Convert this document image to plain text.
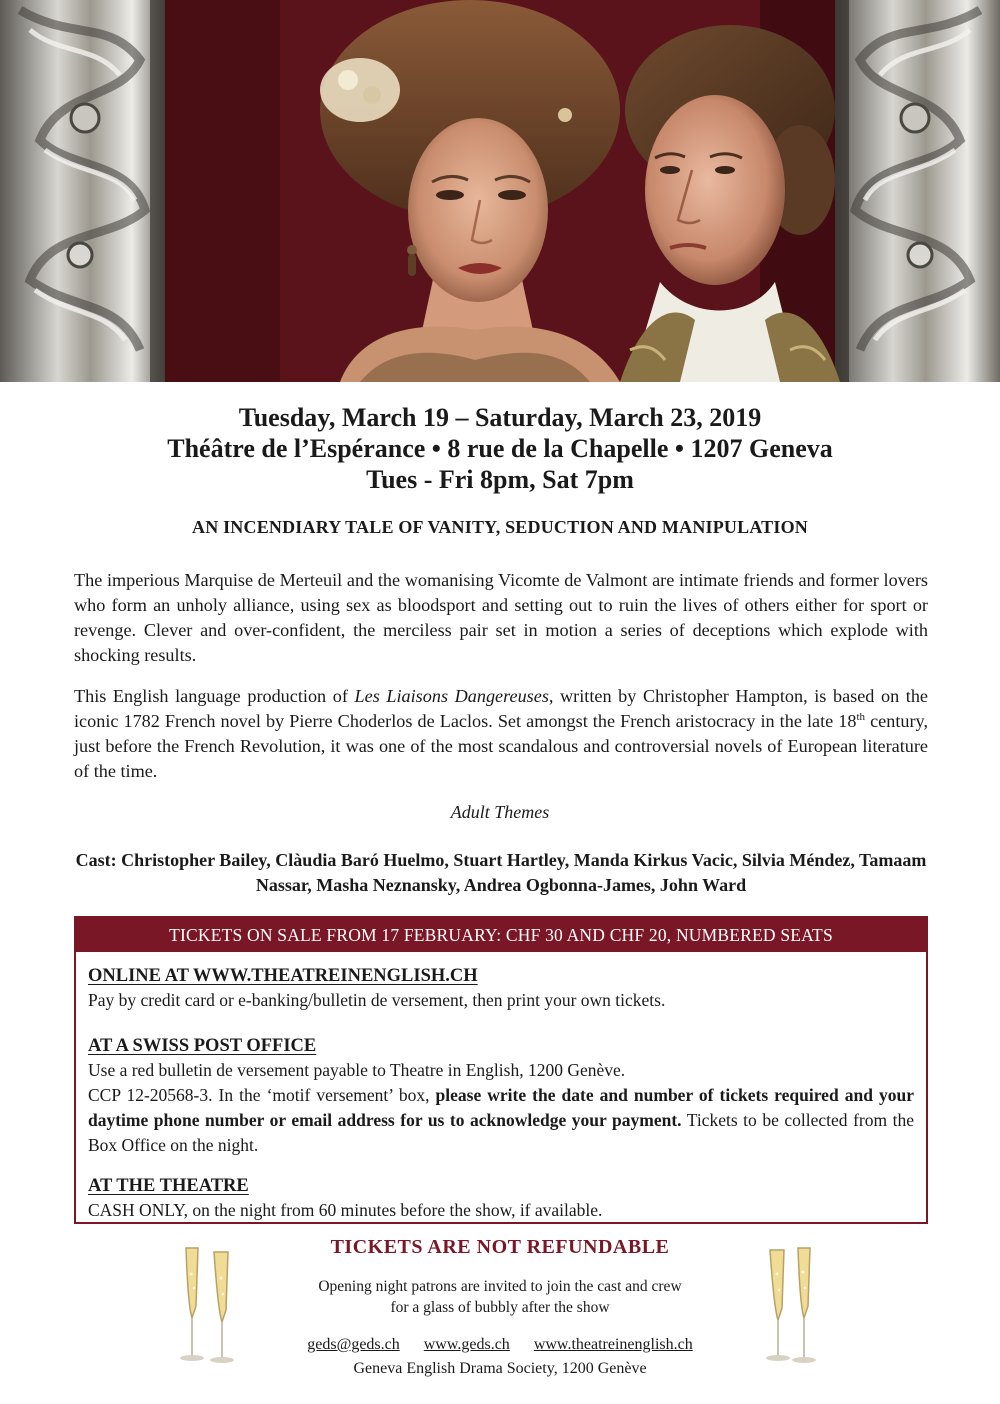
Tuesday, March 19 – Saturday, March 23, 2019
Théâtre de l’Espérance • 8 rue de la Chapelle • 1207 Geneva
Tues - Fri 8pm, Sat 7pm
AN INCENDIARY TALE OF VANITY, SEDUCTION AND MANIPULATION
The imperious Marquise de Merteuil and the womanising Vicomte de Valmont are intimate friends and former lovers who form an unholy alliance, using sex as bloodsport and setting out to ruin the lives of others either for sport or revenge. Clever and over-confident, the merciless pair set in motion a series of deceptions which explode with shocking results.
This English language production of Les Liaisons Dangereuses, written by Christopher Hampton, is based on the iconic 1782 French novel by Pierre Choderlos de Laclos. Set amongst the French aristocracy in the late 18th century, just before the French Revolution, it was one of the most scandalous and controversial novels of European literature of the time.
Adult Themes
Cast: Christopher Bailey, Clàudia Baró Huelmo, Stuart Hartley, Manda Kirkus Vacic, Silvia Méndez, Tamaam Nassar, Masha Neznansky, Andrea Ogbonna-James, John Ward
TICKETS ON SALE FROM 17 FEBRUARY: CHF 30 AND CHF 20, NUMBERED SEATS
ONLINE AT WWW.THEATREINENGLISH.CH
Pay by credit card or e-banking/bulletin de versement, then print your own tickets.
AT A SWISS POST OFFICE
Use a red bulletin de versement payable to Theatre in English, 1200 Genève.
CCP 12-20568-3. In the ‘motif versement’ box, please write the date and number of tickets required and your daytime phone number or email address for us to acknowledge your payment. Tickets to be collected from the Box Office on the night.
AT THE THEATRE
CASH ONLY, on the night from 60 minutes before the show, if available.
TICKETS ARE NOT REFUNDABLE
Opening night patrons are invited to join the cast and crew
for a glass of bubbly after the show
geds@geds.ch www.geds.ch www.theatreinenglish.ch
Geneva English Drama Society, 1200 Genève
